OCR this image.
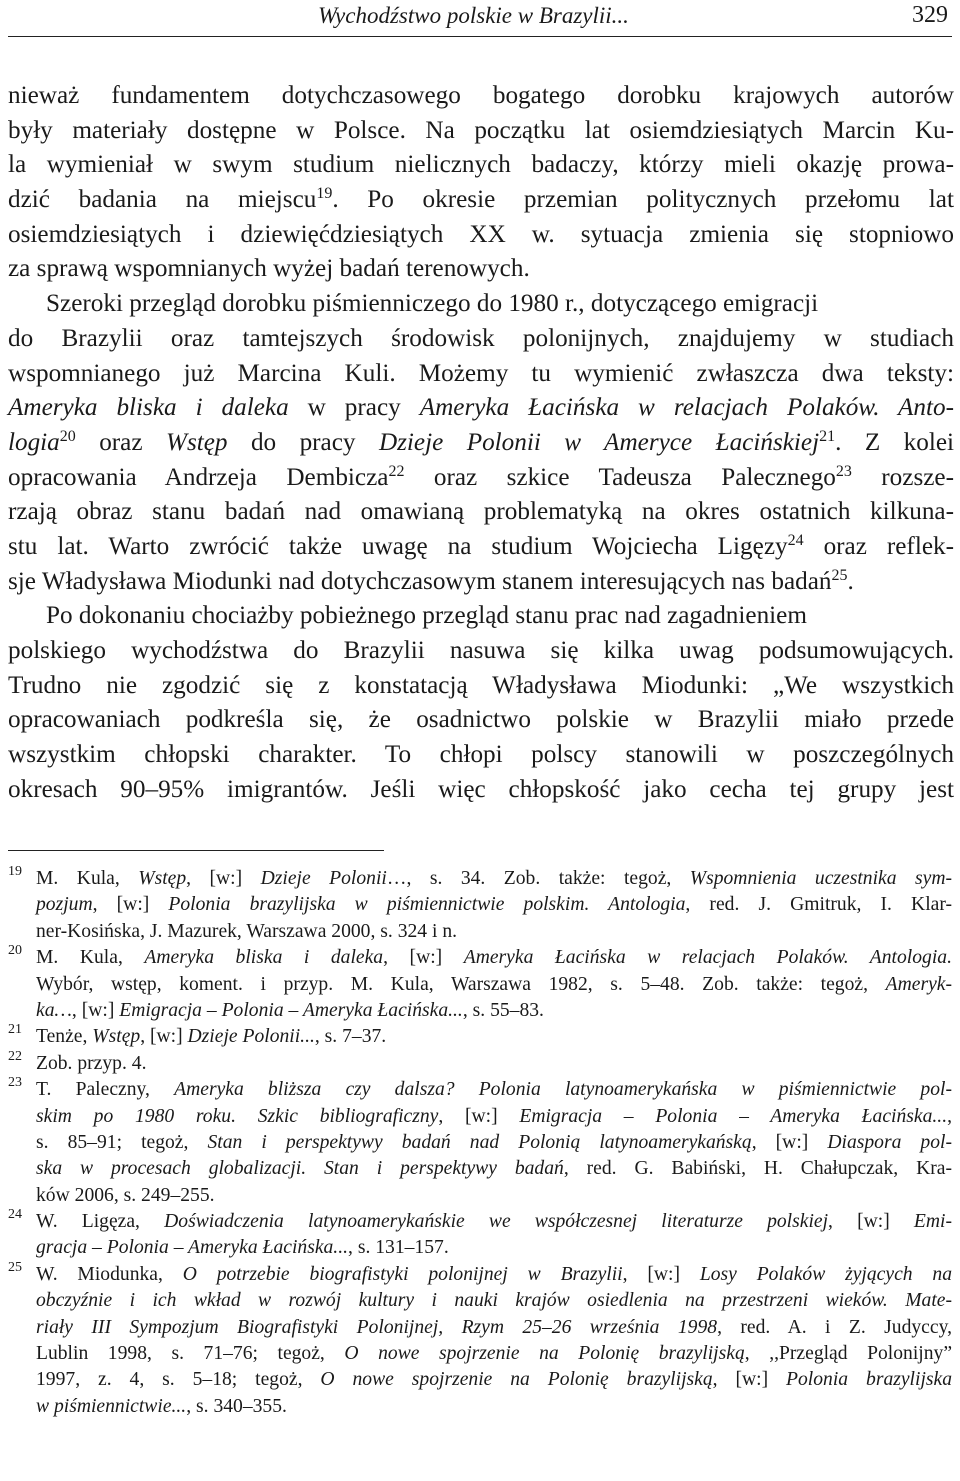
Wychodźstwo polskie w Brazylii...	329
nieważ fundamentem dotychczasowego bogatego dorobku krajowych autorów
były materiały dostępne w Polsce. Na początku lat osiemdziesiątych Marcin Ku-
la wymieniał w swym studium nielicznych badaczy, którzy mieli okazję prowa-
dzić badania na miejscu$^{19}$. Po okresie przemian politycznych przełomu lat
osiemdziesiątych i dziewięćdziesiątych XX w. sytuacja zmienia się stopniowo
za sprawą wspomnianych wyżej badań terenowych.
Szeroki przegląd dorobku piśmienniczego do 1980 r., dotyczącego emigracji
do Brazylii oraz tamtejszych środowisk polonijnych, znajdujemy w studiach
wspomnianego już Marcina Kuli. Możemy tu wymienić zwłaszcza dwa teksty:
Ameryka bliska i daleka w pracy Ameryka Łacińska w relacjach Polaków. Anto-
logia$^{20}$ oraz Wstęp do pracy Dzieje Polonii w Ameryce Łacińskiej$^{21}$. Z kolei
opracowania Andrzeja Dembicza$^{22}$ oraz szkice Tadeusza Palecznego$^{23}$ rozsze-
rzają obraz stanu badań nad omawianą problematyką na okres ostatnich kilkuna-
stu lat. Warto zwrócić także uwagę na studium Wojciecha Ligęzy$^{24}$ oraz reflek-
sje Władysława Miodunki nad dotychczasowym stanem interesujących nas badań$^{25}$.
Po dokonaniu chociażby pobieżnego przegląd stanu prac nad zagadnieniem
polskiego wychodźstwa do Brazylii nasuwa się kilka uwag podsumowujących.
Trudno nie zgodzić się z konstatacją Władysława Miodunki: „We wszystkich
opracowaniach podkreśla się, że osadnictwo polskie w Brazylii miało przede
wszystkim chłopski charakter. To chłopi polscy stanowili w poszczególnych
okresach 90–95% imigrantów. Jeśli więc chłopskość jako cecha tej grupy jest
19 M. Kula, Wstęp, [w:] Dzieje Polonii…, s. 34. Zob. także: tegoż, Wspomnienia uczestnika sym-
pozjum, [w:] Polonia brazylijska w piśmiennictwie polskim. Antologia, red. J. Gmitruk, I. Klar-
ner-Kosińska, J. Mazurek, Warszawa 2000, s. 324 i n.
20 M. Kula, Ameryka bliska i daleka, [w:] Ameryka Łacińska w relacjach Polaków. Antologia.
Wybór, wstęp, koment. i przyp. M. Kula, Warszawa 1982, s. 5–48. Zob. także: tegoż, Ameryk-
ka…, [w:] Emigracja – Polonia – Ameryka Łacińska..., s. 55–83.
21 Tenże, Wstęp, [w:] Dzieje Polonii..., s. 7–37.
22 Zob. przyp. 4.
23 T. Paleczny, Ameryka bliższa czy dalsza? Polonia latynoamerykańska w piśmiennictwie pol-
skim po 1980 roku. Szkic bibliograficzny, [w:] Emigracja – Polonia – Ameryka Łacińska...,
s. 85–91; tegoż, Stan i perspektywy badań nad Polonią latynoamerykańską, [w:] Diaspora pol-
ska w procesach globalizacji. Stan i perspektywy badań, red. G. Babiński, H. Chałupczak, Kra-
ków 2006, s. 249–255.
24 W. Ligęza, Doświadczenia latynoamerykańskie we współczesnej literaturze polskiej, [w:] Emi-
gracja – Polonia – Ameryka Łacińska..., s. 131–157.
25 W. Miodunka, O potrzebie biografistyki polonijnej w Brazylii, [w:] Losy Polaków żyjących na
obczyźnie i ich wkład w rozwój kultury i nauki krajów osiedlenia na przestrzeni wieków. Mate-
riały III Sympozjum Biografistyki Polonijnej, Rzym 25–26 września 1998, red. A. i Z. Judyccy,
Lublin 1998, s. 71–76; tegoż, O nowe spojrzenie na Polonię brazylijską, ,,Przegląd Polonijny”
1997, z. 4, s. 5–18; tegoż, O nowe spojrzenie na Polonię brazylijską, [w:] Polonia brazylijska
w piśmiennictwie..., s. 340–355.
